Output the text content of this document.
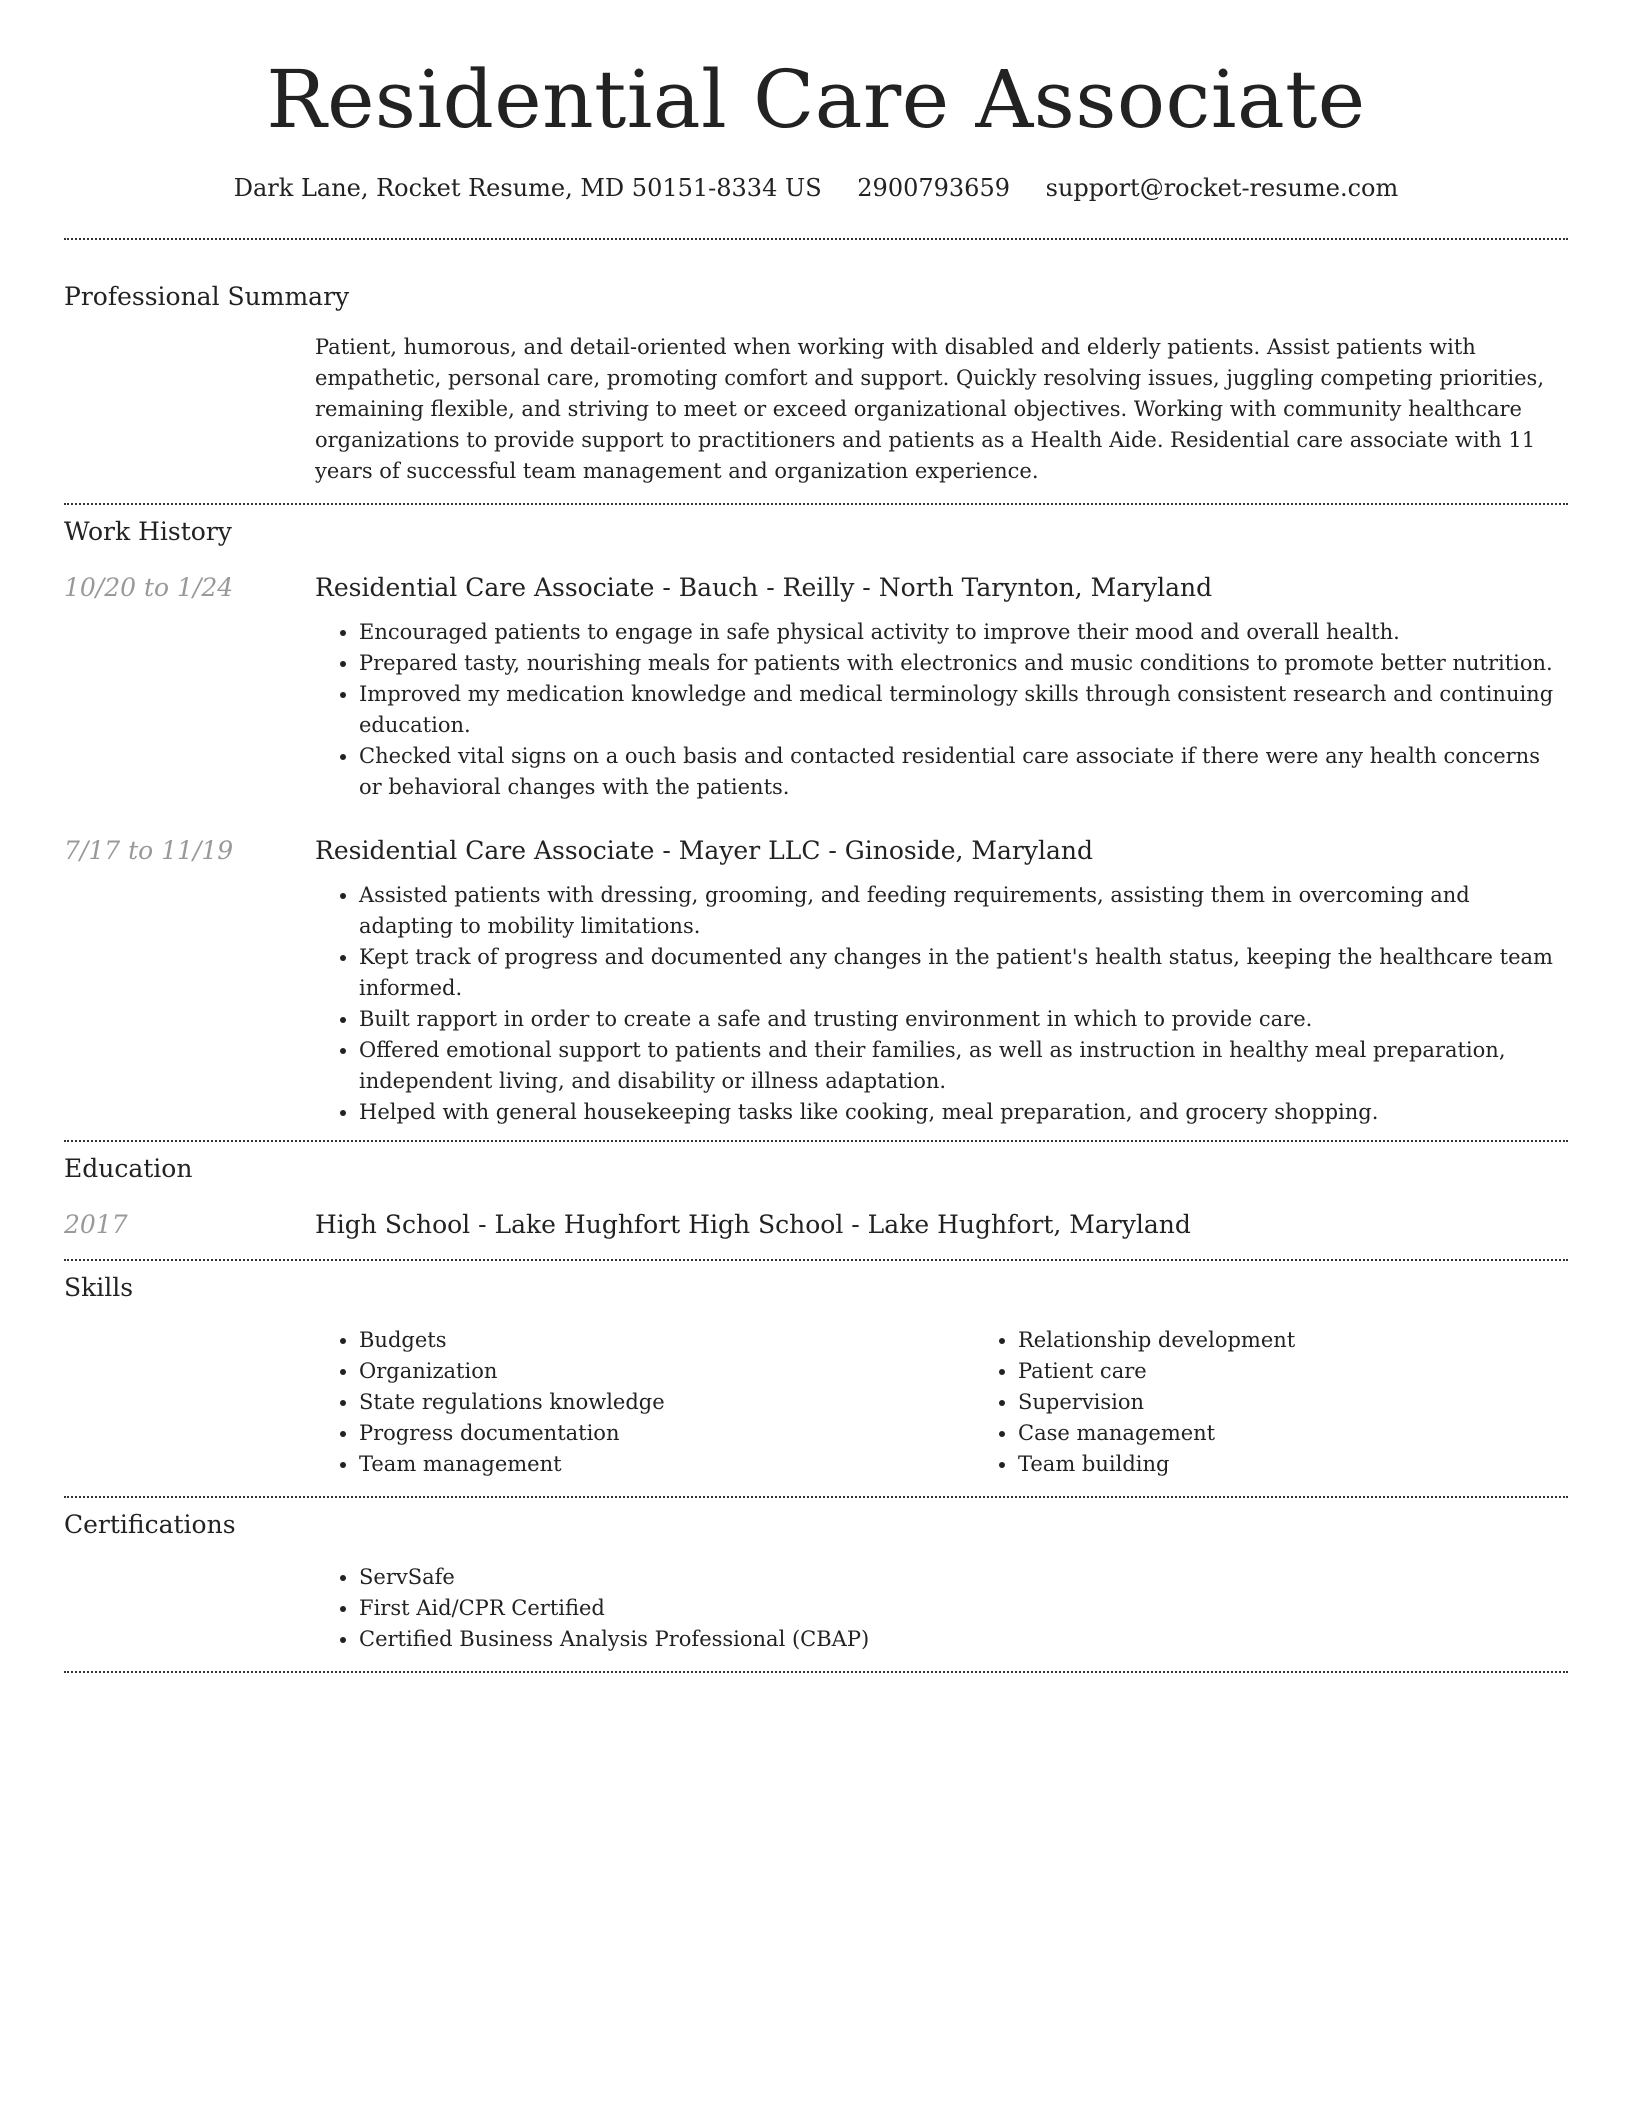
Residential Care Associate
Dark Lane, Rocket Resume, MD 50151-8334 US 2900793659 support@rocket-resume.com
Professional Summary

Patient, humorous, and detail-oriented when working with disabled and elderly patients. Assist patients with empathetic, personal care, promoting comfort and support. Quickly resolving issues, juggling competing priorities, remaining flexible, and striving to meet or exceed organizational objectives. Working with community healthcare organizations to provide support to practitioners and patients as a Health Aide. Residential care associate with 11 years of successful team management and organization experience.

Work History
10/20 to 1/24	Residential Care Associate - Bauch - Reilly - North Tarynton, Maryland
• Encouraged patients to engage in safe physical activity to improve their mood and overall health.
• Prepared tasty, nourishing meals for patients with electronics and music conditions to promote better nutrition.
• Improved my medication knowledge and medical terminology skills through consistent research and continuing education.
• Checked vital signs on a ouch basis and contacted residential care associate if there were any health concerns or behavioral changes with the patients.
7/17 to 11/19	Residential Care Associate - Mayer LLC - Ginoside, Maryland
• Assisted patients with dressing, grooming, and feeding requirements, assisting them in overcoming and adapting to mobility limitations.
• Kept track of progress and documented any changes in the patient's health status, keeping the healthcare team informed.
• Built rapport in order to create a safe and trusting environment in which to provide care.
• Offered emotional support to patients and their families, as well as instruction in healthy meal preparation, independent living, and disability or illness adaptation.
• Helped with general housekeeping tasks like cooking, meal preparation, and grocery shopping.
Education
2017	High School - Lake Hughfort High School - Lake Hughfort, Maryland
Skills
• Budgets
• Organization
• State regulations knowledge
• Progress documentation
• Team management
• Relationship development
• Patient care
• Supervision
• Case management
• Team building
Certifications
• ServSafe
• First Aid/CPR Certified
• Certified Business Analysis Professional (CBAP)
